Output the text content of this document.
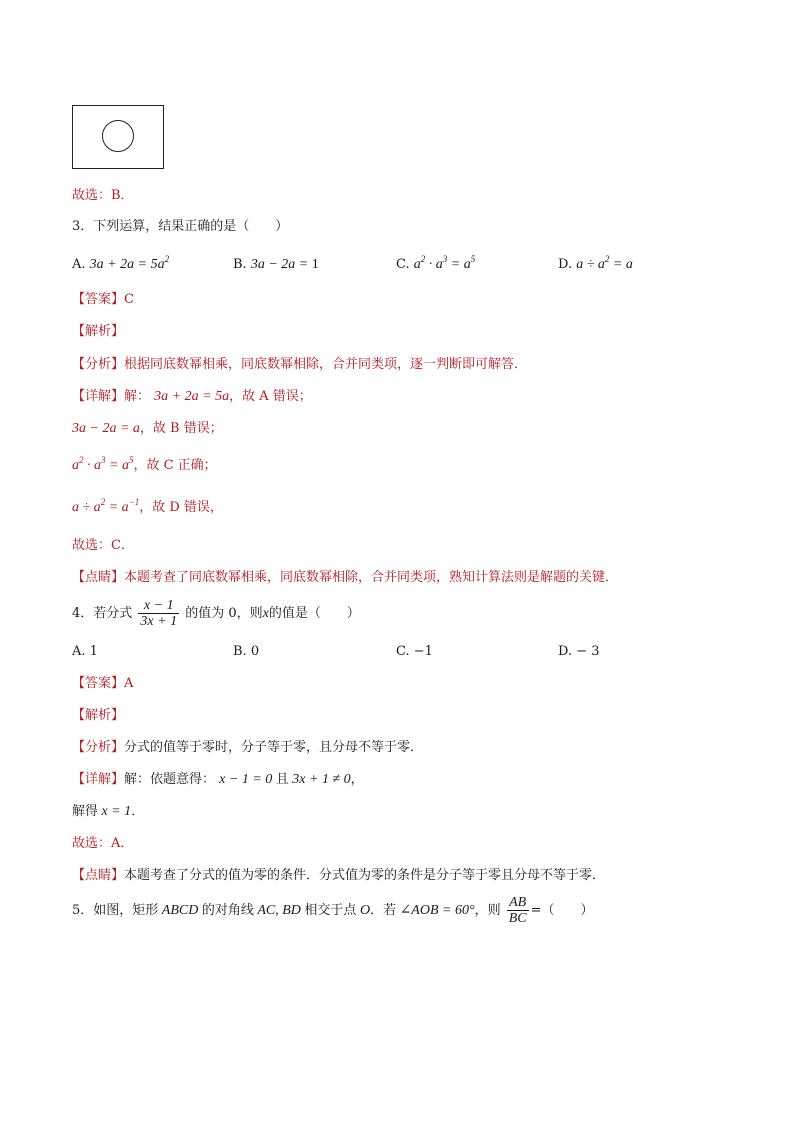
故选：B．
3．下列运算，结果正确的是（　　）
A. $3a + 2a = 5a^2$	B. 3a − 2a = 1	C. $a^2 \cdot a^3 = a^5$	D. $a \div a^2 = a$
【答案】C
【解析】
【分析】根据同底数幂相乘，同底数幂相除，合并同类项，逐一判断即可解答．
【详解】解： 3a + 2a = 5a，故 A 错误；
3a − 2a = a，故 B 错误；
$a^2 \cdot a^3 = a^5$，故 C 正确；
$a \div a^2 = a^{-1}$，故 D 错误，
故选：C．
【点睛】本题考查了同底数幂相乘，同底数幂相除，合并同类项，熟知计算法则是解题的关键．
4．若分式 $\frac{x - 1}{3x + 1}$ 的值为 0，则x的值是（　　）
A. 1	B. 0	C. −1	D. − 3
【答案】A
【解析】
【分析】分式的值等于零时，分子等于零，且分母不等于零．
【详解】解：依题意得： x − 1 = 0 且 3x + 1 ≠ 0，
解得 x = 1．
故选：A．
【点睛】本题考查了分式的值为零的条件．分式值为零的条件是分子等于零且分母不等于零．
5．如图，矩形 ABCD 的对角线 AC, BD 相交于点 O．若 ∠AOB = 60°，则 $\frac{AB}{BC}$ =（　　）
